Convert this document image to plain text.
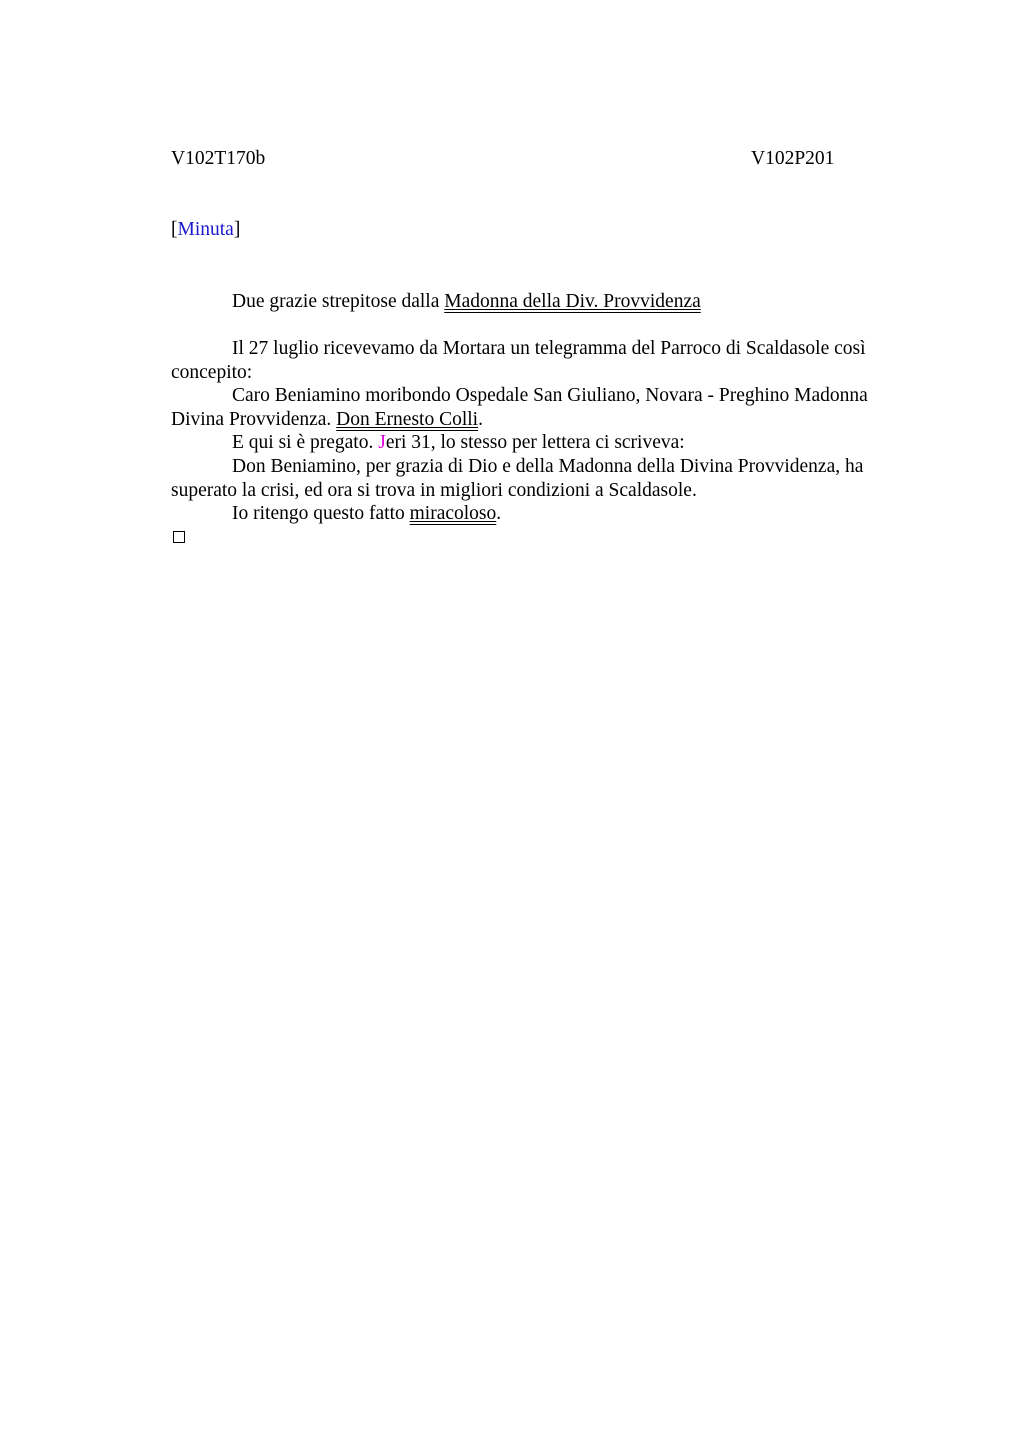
V102T170b	V102P201
[Minuta]
Due grazie strepitose dalla Madonna della Div. Provvidenza

Il 27 luglio ricevevamo da Mortara un telegramma del Parroco di Scaldasole così concepito:

Caro Beniamino moribondo Ospedale San Giuliano, Novara - Preghino Madonna Divina Provvidenza. Don Ernesto Colli.

E qui si è pregato. Jeri 31, lo stesso per lettera ci scriveva:

Don Beniamino, per grazia di Dio e della Madonna della Divina Provvidenza, ha superato la crisi, ed ora si trova in migliori condizioni a Scaldasole.

Io ritengo questo fatto miracoloso.
